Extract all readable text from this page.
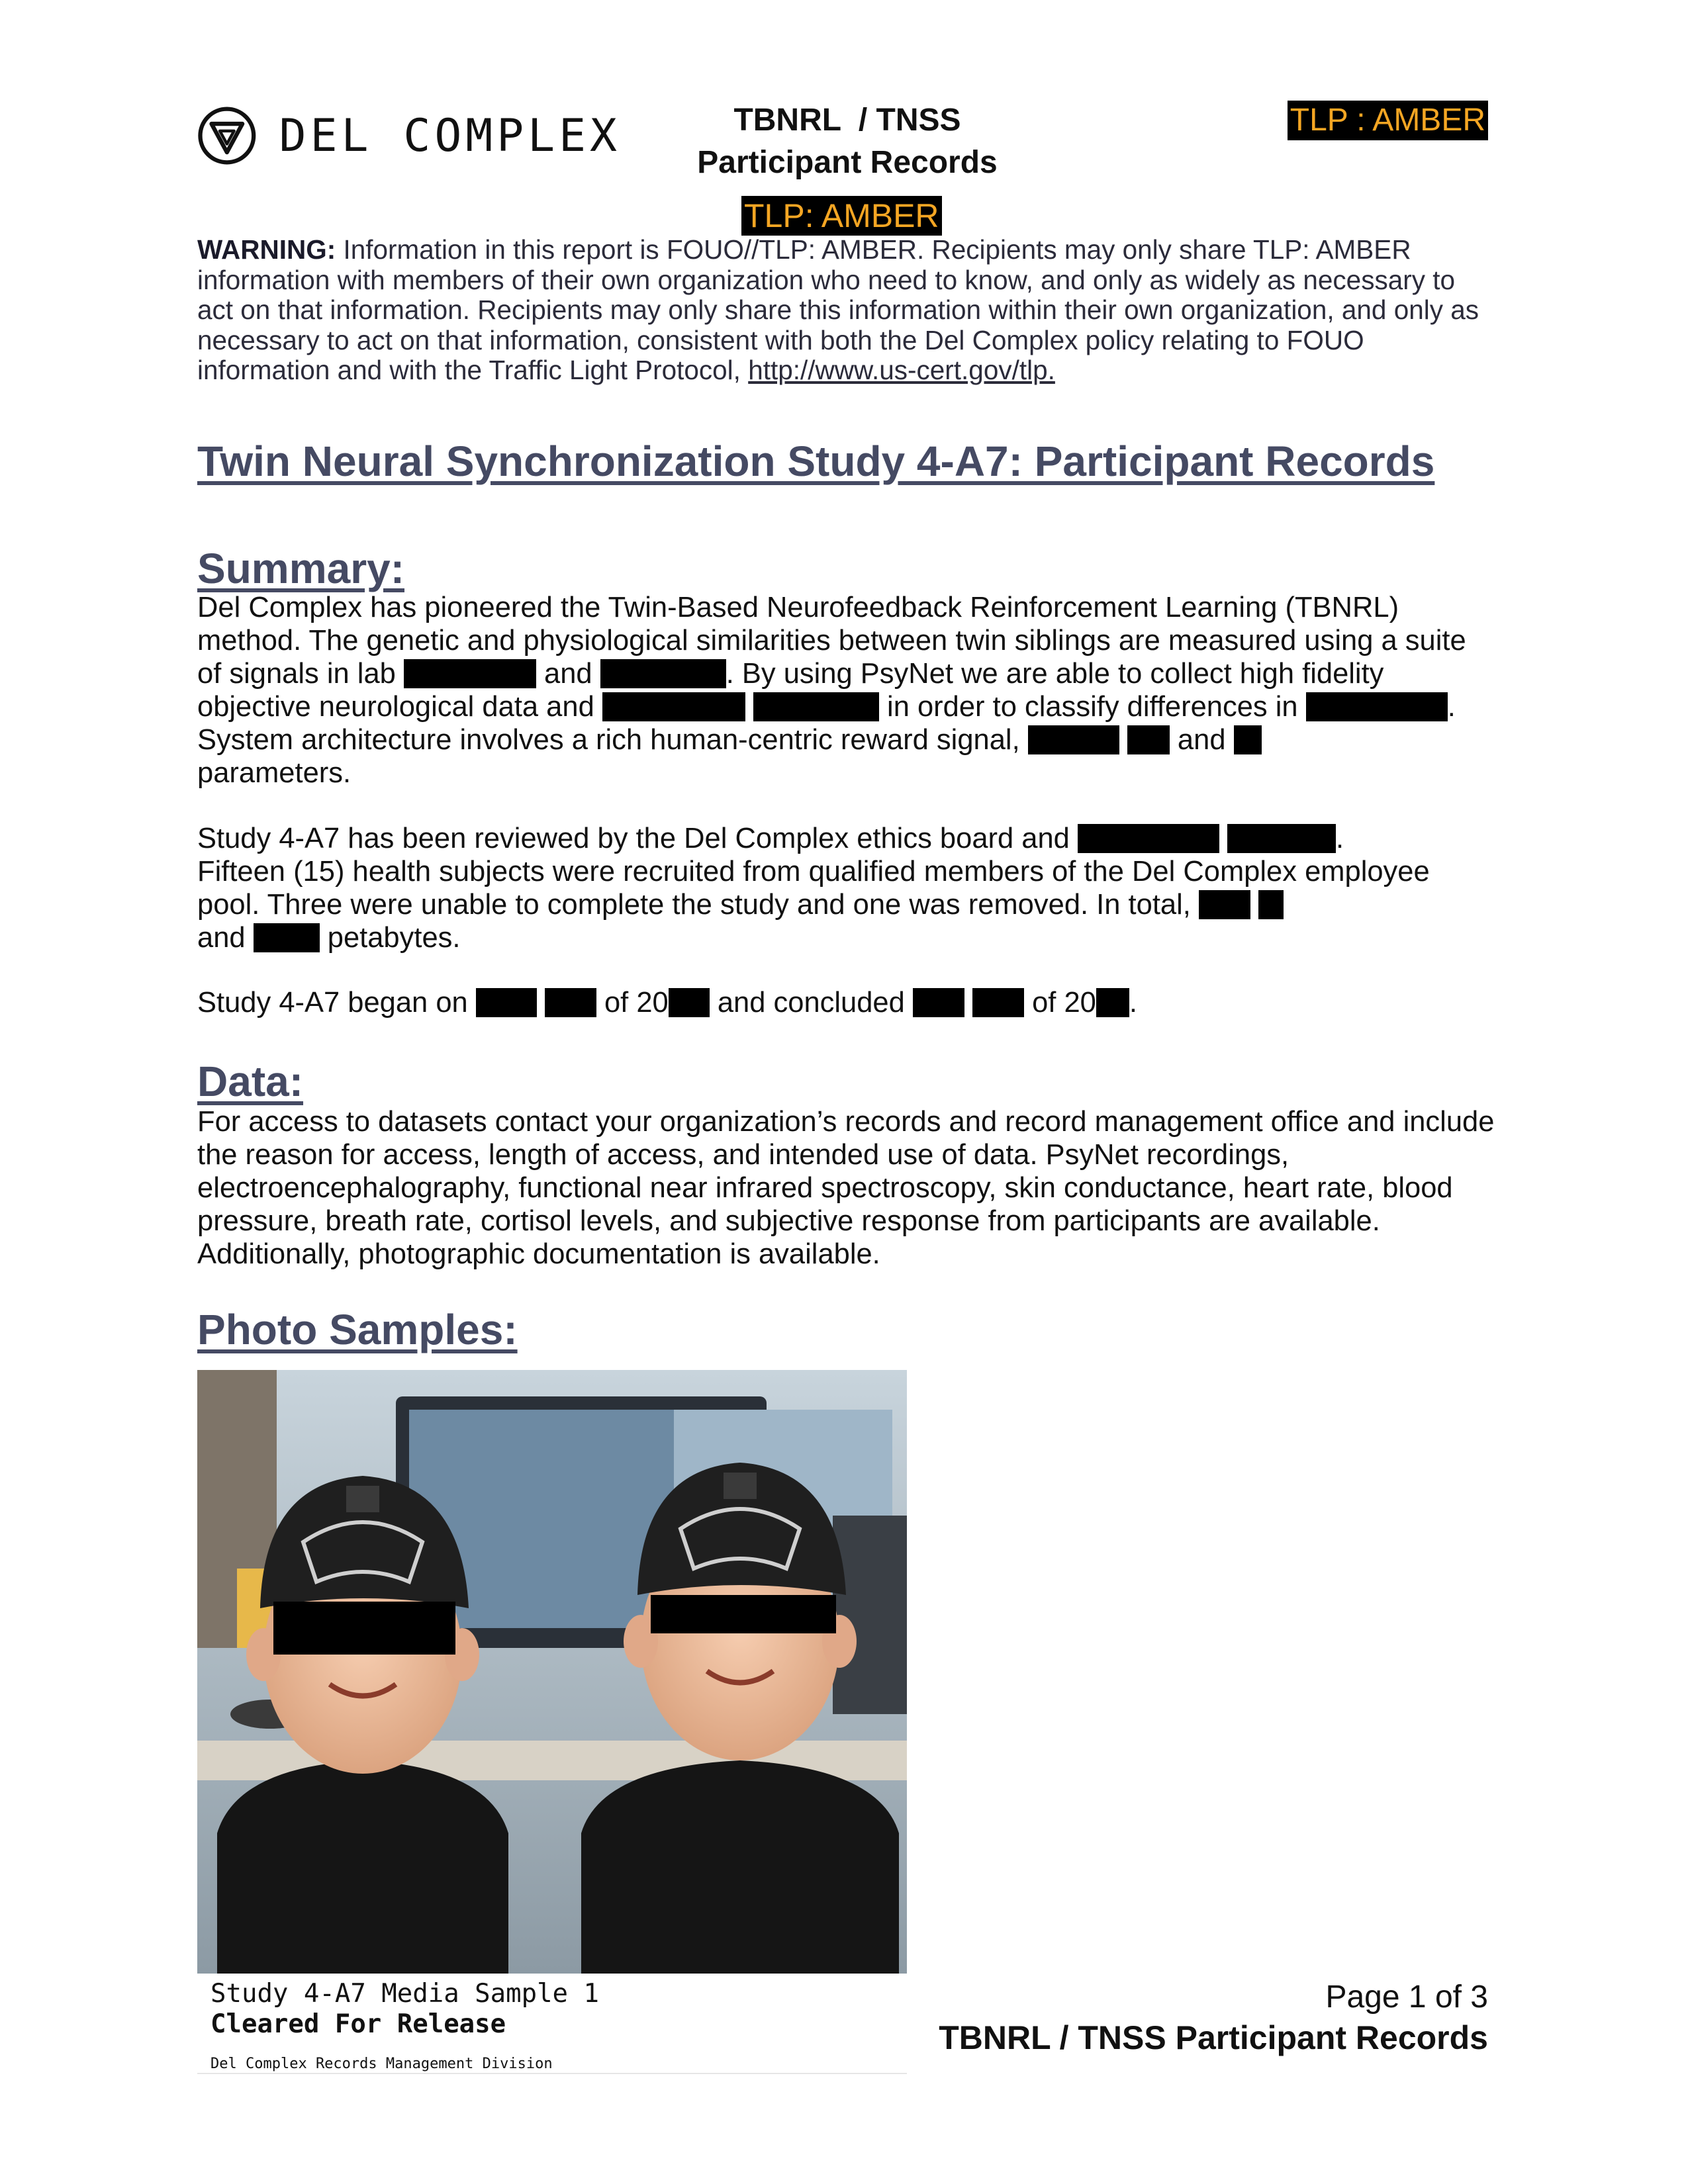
DEL COMPLEX	TBNRL  / TNSS
Participant Records
TLP : AMBER
TLP: AMBER
WARNING: Information in this report is FOUO//TLP: AMBER. Recipients may only share TLP: AMBER information with members of their own organization who need to know, and only as widely as necessary to act on that information. Recipients may only share this information within their own organization, and only as necessary to act on that information, consistent with both the Del Complex policy relating to FOUO information and with the Traffic Light Protocol, http://www.us-cert.gov/tlp.
Twin Neural Synchronization Study 4-A7: Participant Records
Summary:
Del Complex has pioneered the Twin-Based Neurofeedback Reinforcement Learning (TBNRL) method. The genetic and physiological similarities between twin siblings are measured using a suite of signals in lab	and	. By using PsyNet we are able to collect high fidelity objective neurological data and	in order to classify differences in	. System architecture involves a rich human-centric reward signal,	and
parameters.
Study 4-A7 has been reviewed by the Del Complex ethics board and	.
Fifteen (15) health subjects were recruited from qualified members of the Del Complex employee pool. Three were unable to complete the study and one was removed. In total,
and  petabytes.
Study 4-A7 began on	of 20 and concluded	of 20 .
Data:
For access to datasets contact your organization’s records and record management office and include the reason for access, length of access, and intended use of data. PsyNet recordings, electroencephalography, functional near infrared spectroscopy, skin conductance, heart rate, blood pressure, breath rate, cortisol levels, and subjective response from participants are available. Additionally, photographic documentation is available.
Photo Samples:
Study 4-A7 Media Sample 1
Cleared For Release
Del Complex Records Management Division
Page 1 of 3
TBNRL / TNSS Participant Records
